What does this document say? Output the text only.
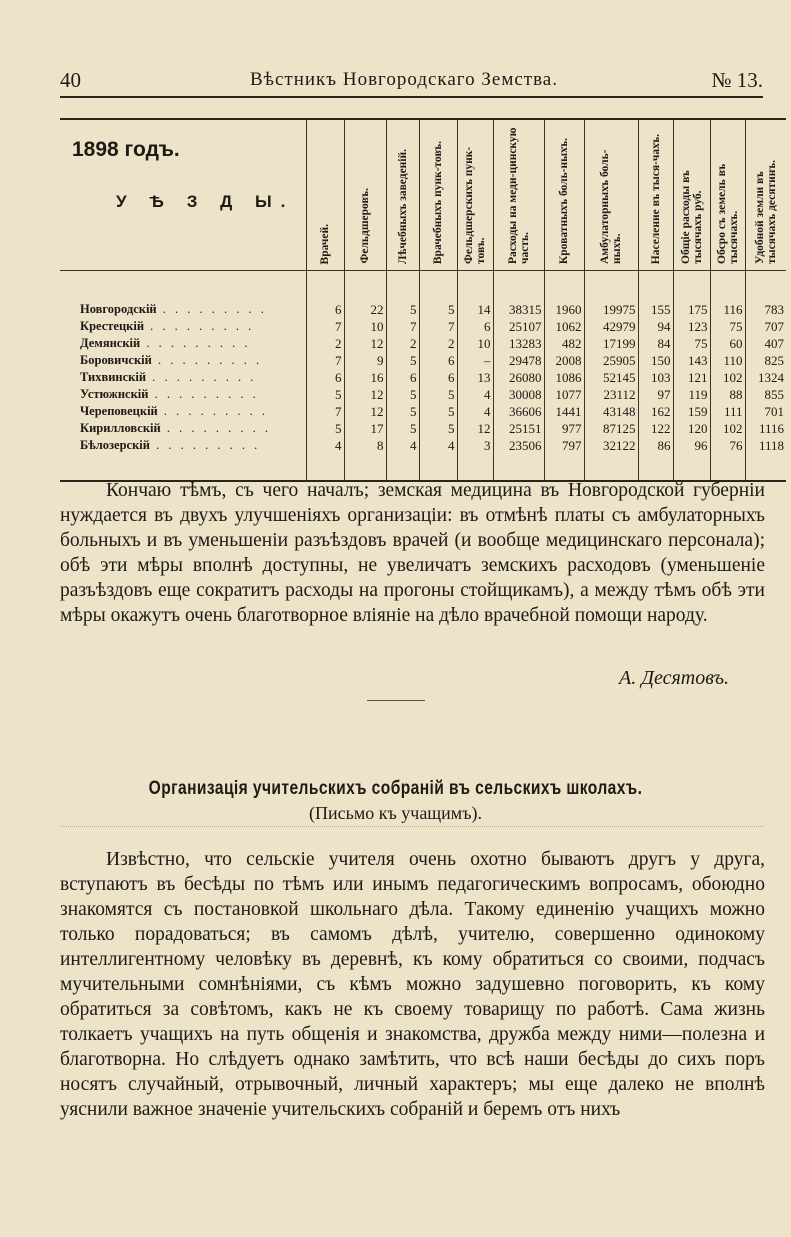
40	Вѣстникъ Новгородскаго Земства.	№ 13.
1898 годъ.
У Ѣ З Д Ы.	Врачей.	Фельдшеровъ.	Лѣчебныхъ заведеній.	Врачебныхъ пунк-товъ.	Фельдшерскихъ пунк-товъ.	Расходы на меди-цинскую часть.	Кроватныхъ боль-ныхъ.	Амбулаторныхъ боль-ныхъ.	Население въ тыся-чахъ.	Общіе расходы въ тысячахъ руб.	Обсро съ земель въ тысячахъ.	Удобной земли въ тысячахъ десятинъ.

Новгородскій . . . . . . . . .	6	22	5	5	14	38315	1960	19975	155	175	116	783
Крестецкій . . . . . . . . .	7	10	7	7	6	25107	1062	42979	94	123	75	707
Демянскій . . . . . . . . .	2	12	2	2	10	13283	482	17199	84	75	60	407
Боровичскій . . . . . . . . .	7	9	5	6	–	29478	2008	25905	150	143	110	825
Тихвинскій . . . . . . . . .	6	16	6	6	13	26080	1086	52145	103	121	102	1324
Устюжнскій . . . . . . . . .	5	12	5	5	4	30008	1077	23112	97	119	88	855
Череповецкій . . . . . . . . .	7	12	5	5	4	36606	1441	43148	162	159	111	701
Кирилловскій . . . . . . . . .	5	17	5	5	12	25151	977	87125	122	120	102	1116
Бѣлозерскій . . . . . . . . .	4	8	4	4	3	23506	797	32122	86	96	76	1118

Кончаю тѣмъ, съ чего началъ; земская медицина въ Новгородской губерніи нуждается въ двухъ улучшеніяхъ организаціи: въ отмѣнѣ платы съ амбулаторныхъ больныхъ и въ уменьшеніи разъѣздовъ врачей (и вообще медицинскаго персонала); обѣ эти мѣры вполнѣ доступны, не увеличатъ земскихъ расходовъ (уменьшеніе разъѣздовъ еще сократитъ расходы на прогоны стойщикамъ), а между тѣмъ обѣ эти мѣры окажутъ очень благотворное вліяніе на дѣло врачебной помощи народу.

А. Десятовъ.
Организація учительскихъ собраній въ сельскихъ школахъ.
(Письмо къ учащимъ).

Извѣстно, что сельскіе учителя очень охотно бываютъ другъ у друга, вступаютъ въ бесѣды по тѣмъ или инымъ педагогическимъ вопросамъ, обоюдно знакомятся съ постановкой школьнаго дѣла. Такому единенію учащихъ можно только порадоваться; въ самомъ дѣлѣ, учителю, совершенно одинокому интеллигентному человѣку въ деревнѣ, къ кому обратиться со своими, подчасъ мучительными сомнѣніями, съ кѣмъ можно задушевно поговорить, къ кому обратиться за совѣтомъ, какъ не къ своему товарищу по работѣ. Сама жизнь толкаетъ учащихъ на путь общенія и знакомства, дружба между ними—полезна и благотворна. Но слѣдуетъ однако замѣтить, что всѣ наши бесѣды до сихъ поръ носятъ случайный, отрывочный, личный характеръ; мы еще далеко не вполнѣ уяснили важное значеніе учительскихъ собраній и беремъ отъ нихъ
